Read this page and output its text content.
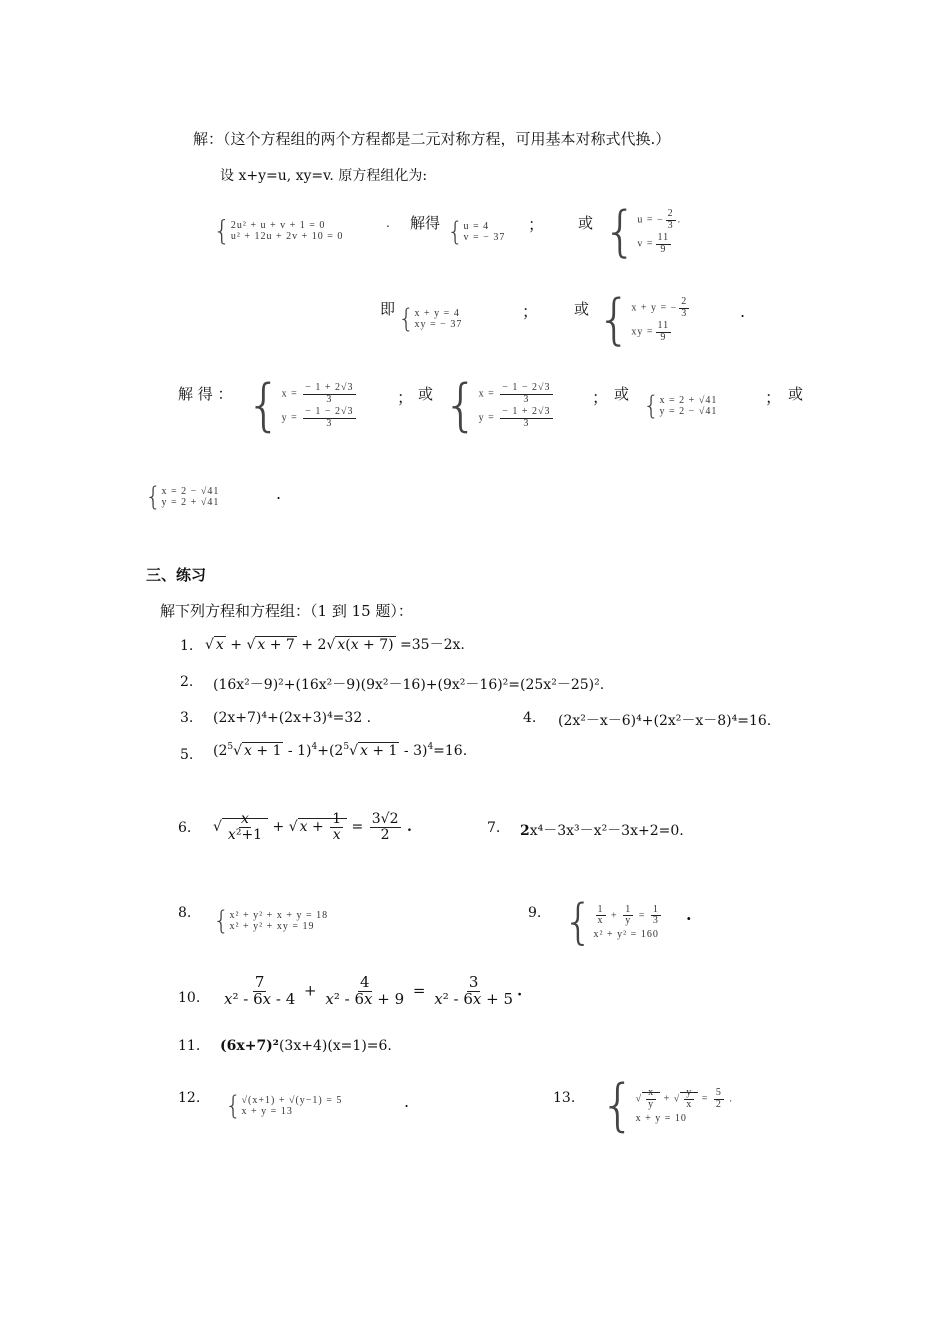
解：（这个方程组的两个方程都是二元对称方程，可用基本对称式代换.）
设 x+y=u, xy=v. 原方程组化为:
{ 2u² + u + v + 1 = 0
u² + 12u + 2v + 10 = 0
. 解得 { u = 4
v = − 37
； 或 { u = − $\frac{2}{3}$ .
$v = \frac{11}{9}$
即 { x + y = 4
xy = − 37
； 或 { x + y = − $\frac{2}{3}$
xy = $\frac{11}{9}$
.
解 得 ： { $x = \frac{- 1 + 2√3}{3}$
$y = \frac{- 1 - 2√3}{3}$
； 或 { $x = \frac{- 1 - 2√3}{3}$
$y = \frac{- 1 + 2√3}{3}$
； 或 { x = 2 + √41
y = 2 − √41
； 或
{ x = 2 − √41
y = 2 + √41	.
三、练习
解下列方程和方程组：（1 到 15 题）：
1. √ x + √ x + 7 + 2√ x(x + 7) =35－2x.
2. (16x²－9)²+(16x²－9)(9x²－16)+(9x²－16)²=(25x²－25)².
3. (2x+7)⁴+(2x+3)⁴=32 .	4. (2x²－x－6)⁴+(2x²－x－8)⁴=16.
5. ($2^5√$ $x + 1 - 1)^4+(2^5√$ x + 1 - 3)$^4$=16.
6. √ $\frac{x}{\text{x²+1}}$ + √ $x + \frac{1}{x} = \frac{3√2}{2}$ .	7. 2x⁴－3x³－x²－3x+2=0.
8. { x² + y² + x + y = 18
x² + y² + xy = 19
9. { $\frac{1}{x} + \frac{1}{y} = \frac{1}{3}$
x² + y² = 160
.
10. $\frac{7}{\text{x² - 6x - 4}} + \frac{4}{\text{x² - 6x + 9}} = \frac{3}{\text{x² - 6x + 5}}$ .
11. (6x+7)²(3x+4)(x=1)=6.
12. { √(x+1) + √(y−1) = 5
x + y = 13
.	13. { √ $\frac{x}{y}$ + √ $\frac{y}{x} = \frac{5}{2}$ .
x + y = 10
